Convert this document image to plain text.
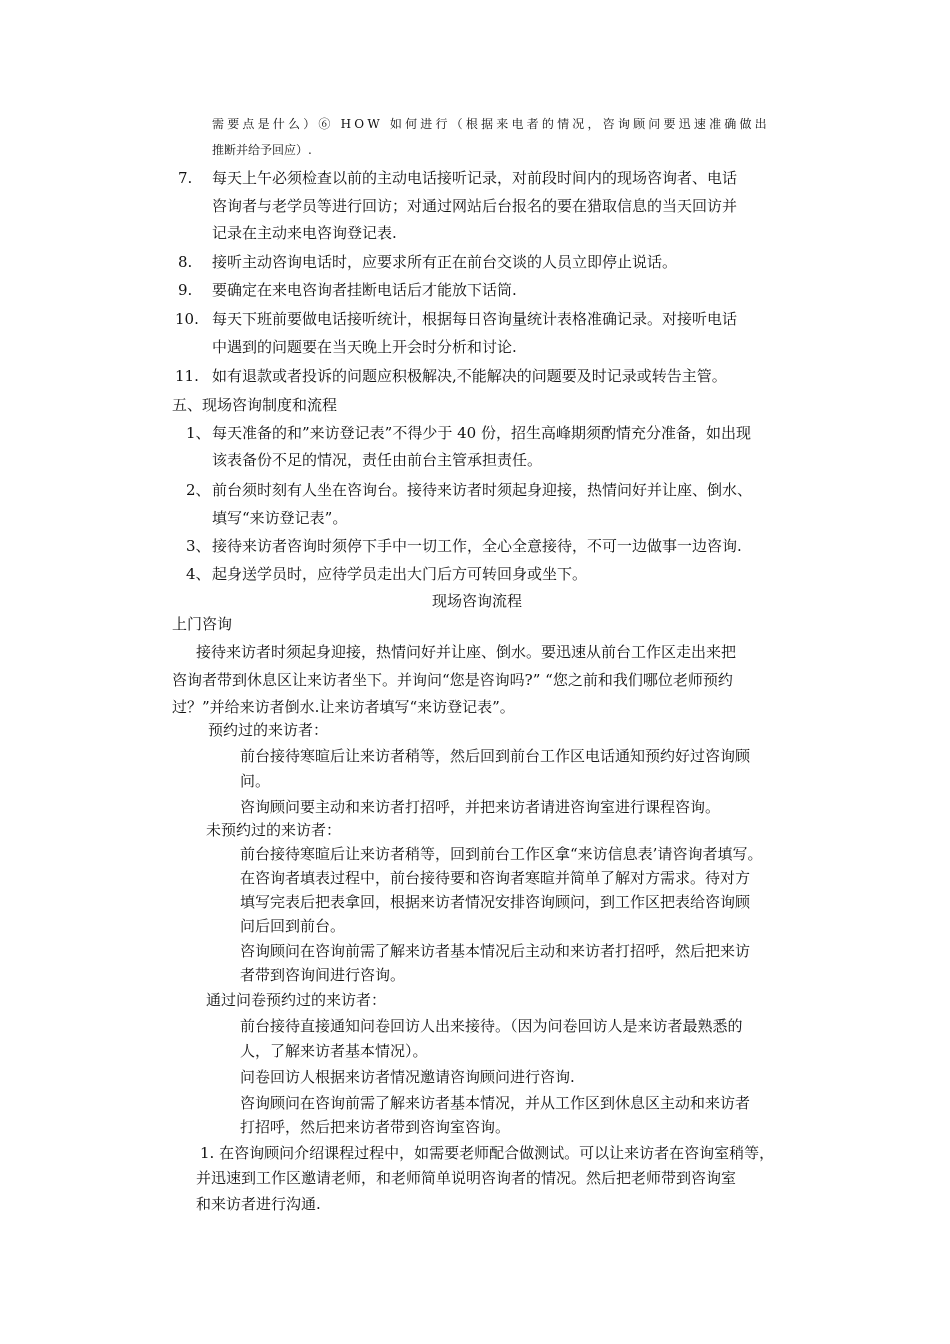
需要点是什么）⑥ HOW 如何进行（根据来电者的情况，咨询顾问要迅速准确做出
推断并给予回应）.
7. 每天上午必须检查以前的主动电话接听记录，对前段时间内的现场咨询者、电话
咨询者与老学员等进行回访；对通过网站后台报名的要在猎取信息的当天回访并
记录在主动来电咨询登记表.
8. 接听主动咨询电话时，应要求所有正在前台交谈的人员立即停止说话。
9. 要确定在来电咨询者挂断电话后才能放下话筒.
10. 每天下班前要做电话接听统计，根据每日咨询量统计表格准确记录。对接听电话
中遇到的问题要在当天晚上开会时分析和讨论.
11. 如有退款或者投诉的问题应积极解决,不能解决的问题要及时记录或转告主管。
五、现场咨询制度和流程
1、 每天准备的和”来访登记表”不得少于 40 份，招生高峰期须酌情充分准备，如出现
该表备份不足的情况，责任由前台主管承担责任。
2、 前台须时刻有人坐在咨询台。接待来访者时须起身迎接，热情问好并让座、倒水、
填写“来访登记表”。
3、 接待来访者咨询时须停下手中一切工作，全心全意接待，不可一边做事一边咨询.
4、 起身送学员时，应待学员走出大门后方可转回身或坐下。
现场咨询流程
上门咨询
接待来访者时须起身迎接，热情问好并让座、倒水。要迅速从前台工作区走出来把
咨询者带到休息区让来访者坐下。并询问“您是咨询吗?” “您之前和我们哪位老师预约
过？”并给来访者倒水.让来访者填写“来访登记表”。
预约过的来访者：
前台接待寒暄后让来访者稍等，然后回到前台工作区电话通知预约好过咨询顾
问。
咨询顾问要主动和来访者打招呼，并把来访者请进咨询室进行课程咨询。
未预约过的来访者：
前台接待寒暄后让来访者稍等，回到前台工作区拿“来访信息表’请咨询者填写。
在咨询者填表过程中，前台接待要和咨询者寒暄并简单了解对方需求。待对方
填写完表后把表拿回，根据来访者情况安排咨询顾问，到工作区把表给咨询顾
问后回到前台。
咨询顾问在咨询前需了解来访者基本情况后主动和来访者打招呼，然后把来访
者带到咨询间进行咨询。
通过问卷预约过的来访者：
前台接待直接通知问卷回访人出来接待。（因为问卷回访人是来访者最熟悉的
人，了解来访者基本情况）。
问卷回访人根据来访者情况邀请咨询顾问进行咨询.
咨询顾问在咨询前需了解来访者基本情况，并从工作区到休息区主动和来访者
打招呼，然后把来访者带到咨询室咨询。
1. 在咨询顾问介绍课程过程中，如需要老师配合做测试。可以让来访者在咨询室稍等，
并迅速到工作区邀请老师，和老师简单说明咨询者的情况。然后把老师带到咨询室
和来访者进行沟通.
